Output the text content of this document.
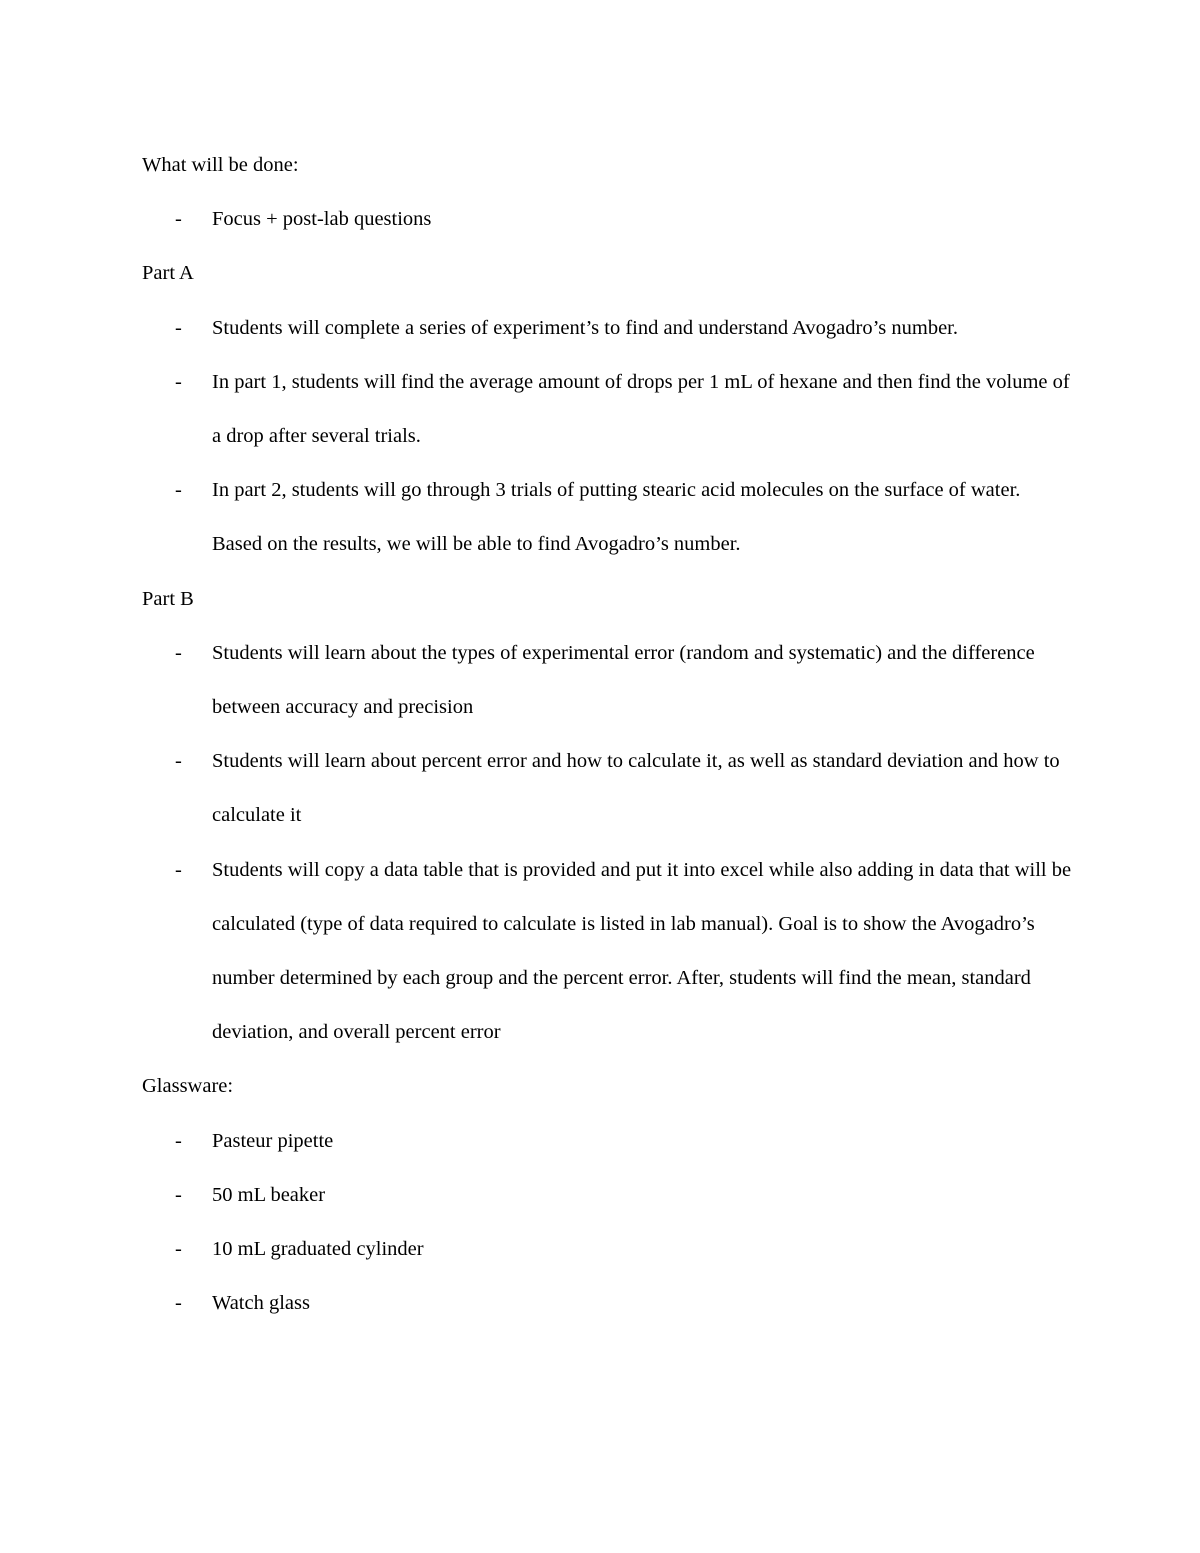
What will be done:

- Focus + post-lab questions

Part A

- Students will complete a series of experiment’s to find and understand Avogadro’s number.
- In part 1, students will find the average amount of drops per 1 mL of hexane and then find the volume of a drop after several trials.
- In part 2, students will go through 3 trials of putting stearic acid molecules on the surface of water. Based on the results, we will be able to find Avogadro’s number.

Part B

- Students will learn about the types of experimental error (random and systematic) and the difference between accuracy and precision
- Students will learn about percent error and how to calculate it, as well as standard deviation and how to calculate it
- Students will copy a data table that is provided and put it into excel while also adding in data that will be calculated (type of data required to calculate is listed in lab manual). Goal is to show the Avogadro’s number determined by each group and the percent error. After, students will find the mean, standard deviation, and overall percent error

Glassware:

- Pasteur pipette
- 50 mL beaker
- 10 mL graduated cylinder
- Watch glass
